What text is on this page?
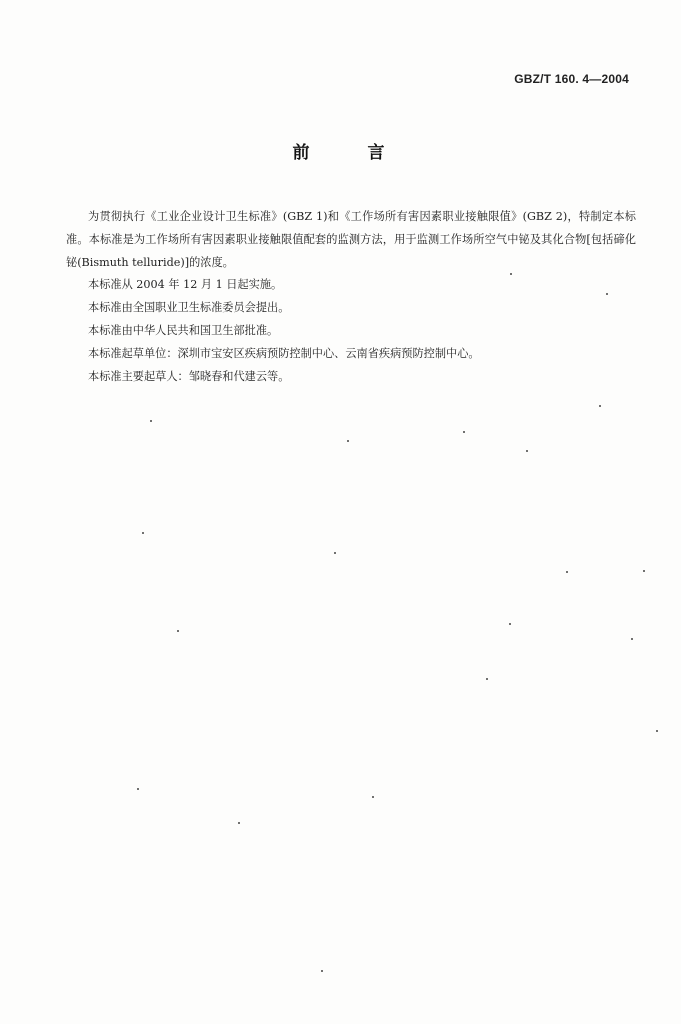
GBZ/T 160. 4—2004
前 言

为贯彻执行《工业企业设计卫生标准》(GBZ 1)和《工作场所有害因素职业接触限值》(GBZ 2)，特制定本标准。本标准是为工作场所有害因素职业接触限值配套的监测方法，用于监测工作场所空气中铋及其化合物[包括碲化铋(Bismuth telluride)]的浓度。

本标准从 2004 年 12 月 1 日起实施。

本标准由全国职业卫生标准委员会提出。

本标准由中华人民共和国卫生部批准。

本标准起草单位：深圳市宝安区疾病预防控制中心、云南省疾病预防控制中心。

本标准主要起草人：邹晓春和代建云等。
